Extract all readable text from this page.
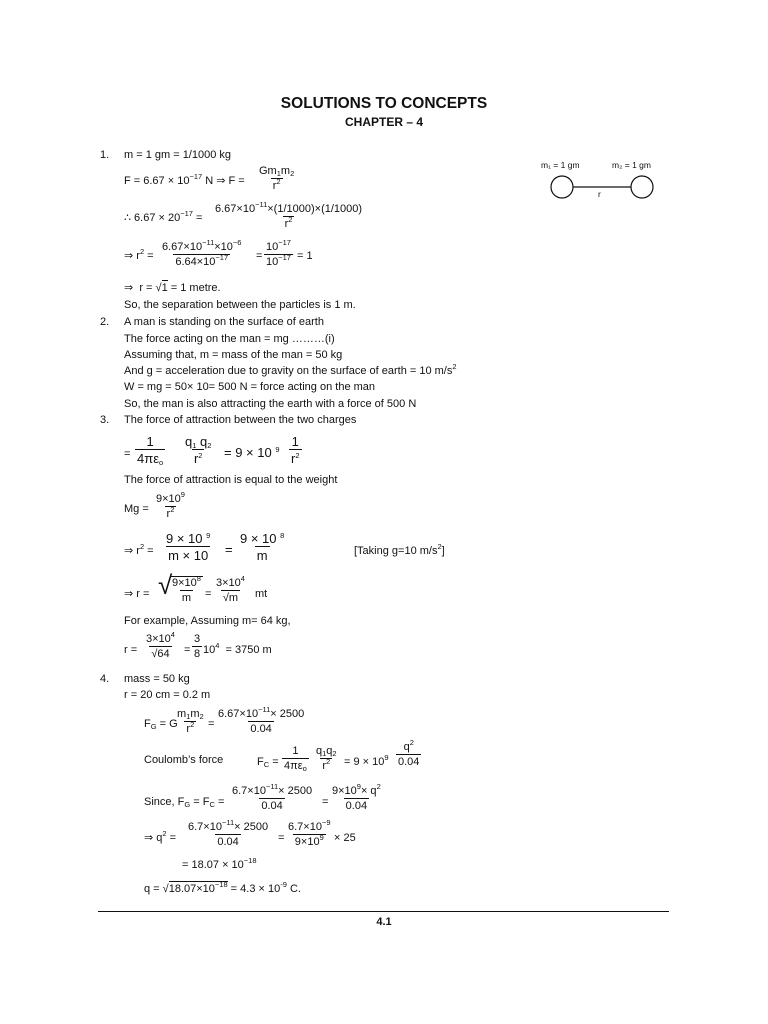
SOLUTIONS TO CONCEPTS
CHAPTER – 4
m₁ = 1 gm	m₂ = 1 gm
r
1. m = 1 gm = 1/1000 kg
$F = 6.67 \times 10^{-17}$ N ⇒ $F = \frac{Gm_1m_2}{r^2}$
∴ $6.67 \times 20^{-17} = \frac{6.67\times 10^{-11}\times(1/1000)\times(1/1000)}{r^2}$
⇒ $r^2 = \frac{6.67\times 10^{-11}\times 10^{-6}}{6.64\times 10^{-17}} = \frac{10^{-17}}{10^{-17}} = 1$
⇒  r = √1 = 1 metre.
So, the separation between the particles is 1 m.
2. A man is standing on the surface of earth
The force acting on the man = mg ………(i)
Assuming that, m = mass of the man = 50 kg
And g = acceleration due to gravity on the surface of earth = 10 $m/s^2$
W = mg = 50× 10= 500 N = force acting on the man
So, the man is also attracting the earth with a force of 500 N
3. The force of attraction between the two charges
=
1
$4\pi\varepsilon_o \frac{q_1 q_2}{r^2} = 9 \times 10$ $^9 \frac{1}{r^2}$
The force of attraction is equal to the weight
$Mg = \frac{9\times 10^9}{r^2}$
⇒ $r^2 = \frac{9 \times 10 ^9}{m \times 10} = \frac{9 \times 10 ^8}{m}$	[Taking g=10 $m/s^2$]
⇒ r = √
$\frac{9\times 10^8}{m} = \frac{3\times 10^4}{√m}$ mt
For example, Assuming m= 64 kg,
$r = \frac{3\times 10^4}{√64} = \frac{3}{8} 10^4 = 3750$ m
4. mass = 50 kg
r = 20 cm = 0.2 m
$F_G = G$
$\frac{m_1m_2}{r^2} = \frac{6.67\times 10^{-11}\times 2500}{0.04}$
Coulomb’s force	$F_C$ =
1
$4\pi\varepsilon_o \frac{q_1q_2}{r^2} = 9 \times 10^9 \frac{q^2}{0.04}$
Since, $F_G = F_C = \frac{6.7\times 10^{-11}\times 2500}{0.04} = \frac{9\times 10^9\times q^2}{0.04}$
⇒ $q^2 = \frac{6.7\times 10^{-11}\times 2500}{0.04} = \frac{6.7\times 10^{-9}}{9\times 10^9} \times 25$
= $18.07 \times 10^{-18}$
$q = √18.07\times 10^{-18} = 4.3 \times 10^{-9}$ C.
4.1
